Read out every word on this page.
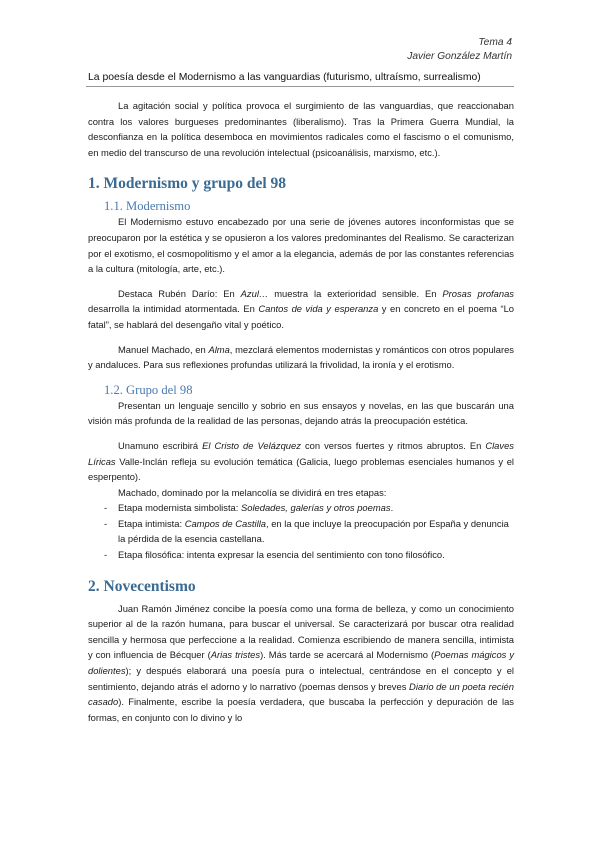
Tema 4
Javier González Martín
La poesía desde el Modernismo a las vanguardias (futurismo, ultraísmo, surrealismo)

La agitación social y política provoca el surgimiento de las vanguardias, que reaccionaban contra los valores burgueses predominantes (liberalismo). Tras la Primera Guerra Mundial, la desconfianza en la política desemboca en movimientos radicales como el fascismo o el comunismo, en medio del transcurso de una revolución intelectual (psicoanálisis, marxismo, etc.).

1. Modernismo y grupo del 98
1.1. Modernismo

El Modernismo estuvo encabezado por una serie de jóvenes autores inconformistas que se preocuparon por la estética y se opusieron a los valores predominantes del Realismo. Se caracterizan por el exotismo, el cosmopolitismo y el amor a la elegancia, además de por las constantes referencias a la cultura (mitología, arte, etc.).

Destaca Rubén Darío: En Azul… muestra la exterioridad sensible. En Prosas profanas desarrolla la intimidad atormentada. En Cantos de vida y esperanza y en concreto en el poema “Lo fatal”, se hablará del desengaño vital y poético.

Manuel Machado, en Alma, mezclará elementos modernistas y románticos con otros populares y andaluces. Para sus reflexiones profundas utilizará la frivolidad, la ironía y el erotismo.

1.2. Grupo del 98

Presentan un lenguaje sencillo y sobrio en sus ensayos y novelas, en las que buscarán una visión más profunda de la realidad de las personas, dejando atrás la preocupación estética.

Unamuno escribirá El Cristo de Velázquez con versos fuertes y ritmos abruptos. En Claves Líricas Valle-Inclán refleja su evolución temática (Galicia, luego problemas esenciales humanos y el esperpento).

Machado, dominado por la melancolía se dividirá en tres etapas:

- Etapa modernista simbolista: Soledades, galerías y otros poemas.
- Etapa intimista: Campos de Castilla, en la que incluye la preocupación por España y denuncia la pérdida de la esencia castellana.
- Etapa filosófica: intenta expresar la esencia del sentimiento con tono filosófico.
2. Novecentismo

Juan Ramón Jiménez concibe la poesía como una forma de belleza, y como un conocimiento superior al de la razón humana, para buscar el universal. Se caracterizará por buscar otra realidad sencilla y hermosa que perfeccione a la realidad. Comienza escribiendo de manera sencilla, intimista y con influencia de Bécquer (Arias tristes). Más tarde se acercará al Modernismo (Poemas mágicos y dolientes); y después elaborará una poesía pura o intelectual, centrándose en el concepto y el sentimiento, dejando atrás el adorno y lo narrativo (poemas densos y breves Diario de un poeta recién casado). Finalmente, escribe la poesía verdadera, que buscaba la perfección y depuración de las formas, en conjunto con lo divino y lo
